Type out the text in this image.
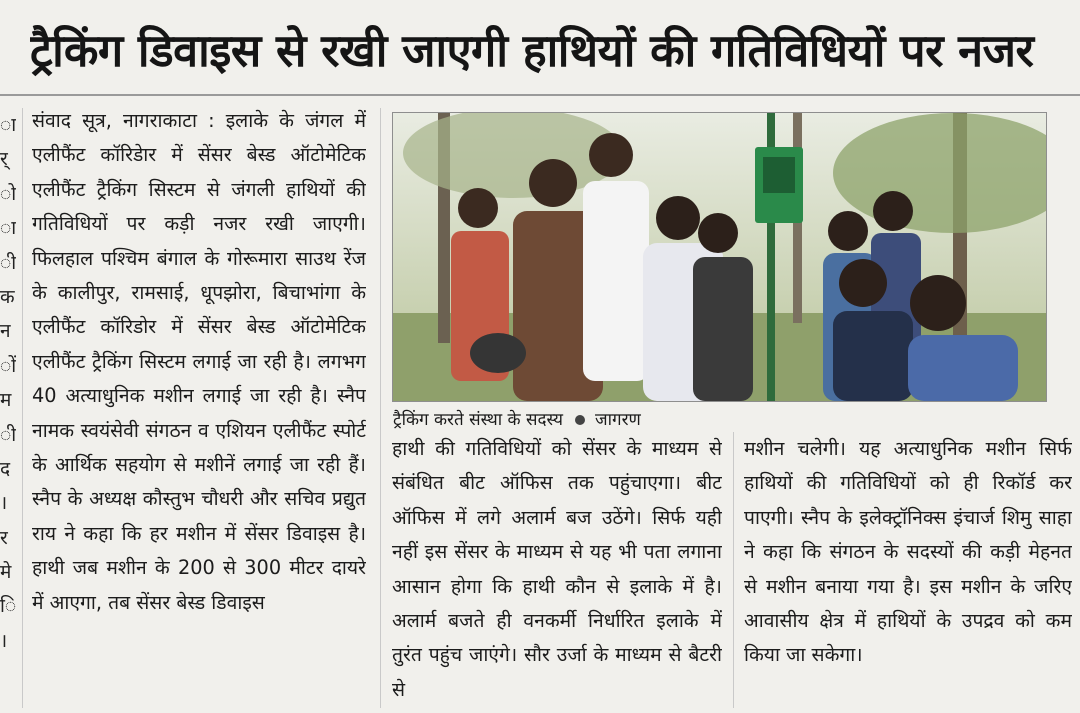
ट्रैकिंग डिवाइस से रखी जाएगी हाथियों की गतिविधियों पर नजर
ा
र्
ो
ा
ी
क
न
ों
म
ी
द
।
र
मे
ि
।

संवाद सूत्र, नागराकाटा : इलाके के जंगल में एलीफैंट कॉरिडेार में सेंसर बेस्ड ऑटोमेटिक एलीफैंट ट्रैकिंग सिस्टम से जंगली हाथियों की गतिविधियों पर कड़ी नजर रखी जाएगी। फिलहाल पश्चिम बंगाल के गोरूमारा साउथ रेंज के कालीपुर, रामसाई, धूपझोरा, बिचाभांगा के एलीफैंट कॉरिडोर में सेंसर बेस्ड ऑटोमेटिक एलीफैंट ट्रैकिंग सिस्टम लगाई जा रही है। लगभग 40 अत्याधुनिक मशीन लगाई जा रही है। स्नैप नामक स्वयंसेवी संगठन व एशियन एलीफैंट स्पोर्ट के आर्थिक सहयोग से मशीनें लगाई जा रही हैं। स्नैप के अध्यक्ष कौस्तुभ चौधरी और सचिव प्रद्युत राय ने कहा कि हर मशीन में सेंसर डिवाइस है। हाथी जब मशीन के 200 से 300 मीटर दायरे में आएगा, तब सेंसर बेस्ड डिवाइस

ट्रैकिंग करते संस्था के सदस्य जागरण

हाथी की गतिविधियों को सेंसर के माध्यम से संबंधित बीट ऑफिस तक पहुंचाएगा। बीट ऑफिस में लगे अलार्म बज उठेंगे। सिर्फ यही नहीं इस सेंसर के माध्यम से यह भी पता लगाना आसान होगा कि हाथी कौन से इलाके में है। अलार्म बजते ही वनकर्मी निर्धारित इलाके में तुरंत पहुंच जाएंगे। सौर उर्जा के माध्यम से बैटरी से

मशीन चलेगी। यह अत्याधुनिक मशीन सिर्फ हाथियों की गतिविधियों को ही रिकॉर्ड कर पाएगी। स्नैप के इलेक्ट्रॉनिक्स इंचार्ज शिमु साहा ने कहा कि संगठन के सदस्यों की कड़ी मेहनत से मशीन बनाया गया है। इस मशीन के जरिए आवासीय क्षेत्र में हाथियों के उपद्रव को कम किया जा सकेगा।
